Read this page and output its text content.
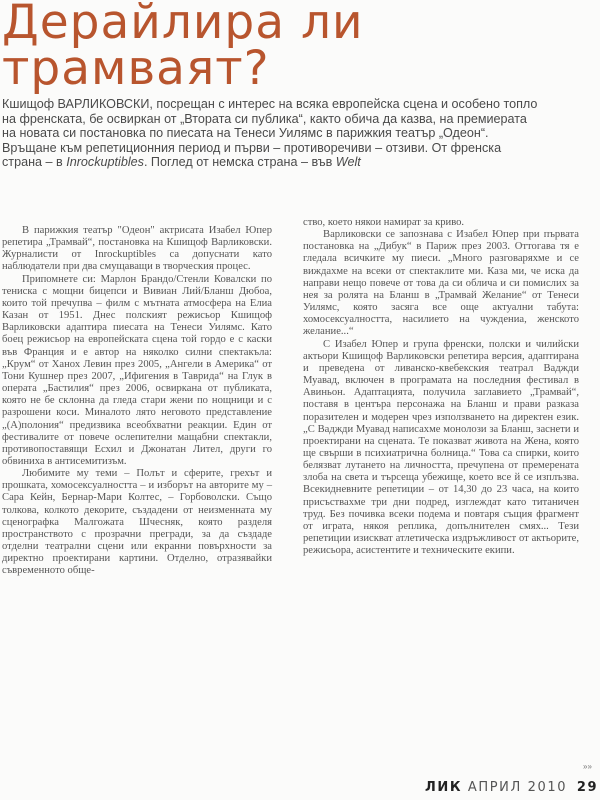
Дерайлира ли
трамваят?

Кшищоф ВАРЛИКОВСКИ, посрещан с интерес на всяка европейска сцена и особено топло на френската, бе освиркан от „Втората си публика“, както обича да казва, на премиерата на новата си постановка по пиесата на Тенеси Уилямс в парижкия театър „Одеон“. Връщане към репетиционния период и първи – противоречиви – отзиви. От френска страна – в Inrockuptibles. Поглед от немска страна – във Welt

В парижкия театър "Одеон" актрисата Изабел Юпер репетира „Трамвай“, постановка на Кшищоф Варликовски. Журналисти от Inrockuptibles са допуснати като наблюдатели при два смущаващи в творческия процес.

Припомнете си: Марлон Брандо/Стенли Ковалски по тениска с мощни бицепси и Вивиан Лий/Бланш Дюбоа, които той пречупва – филм с мътната атмосфера на Елиа Казан от 1951. Днес полският режисьор Кшищоф Варликовски адаптира пиесата на Тенеси Уилямс. Като боец режисьор на европейската сцена той гордо е с каски във Франция и е автор на няколко силни спектакъла: „Крум“ от Ханох Левин през 2005, „Ангели в Америка“ от Тони Кушнер през 2007, „Ифигения в Таврида“ на Глук в операта „Бастилия“ през 2006, освиркана от публиката, която не бе склонна да гледа стари жени по нощници и с разрошени коси. Миналото лято неговото представление „(А)полония“ предизвика всеобхватни реакции. Един от фестивалите от повече ослепителни мащабни спектакли, противопоставящи Есхил и Джонатан Лител, други го обвиниха в антисемитизъм.

Любимите му теми – Полът и сферите, грехът и прошката, хомосексуалността – и изборът на авторите му – Сара Кейн, Бернар-Мари Колтес, – Горбоволски. Също толкова, колкото декорите, създадени от неизменната му сценографка Малгожата Шчесняк, която разделя пространството с прозрачни прегради, за да създаде отделни театрални сцени или екранни повърхности за директно проектирани картини. Отделно, отразявайки съвременното обще-

ство, което някои намират за криво.

Варликовски се запознава с Изабел Юпер при първата постановка на „Дибук“ в Париж през 2003. Оттогава тя е гледала всичките му пиеси. „Много разговаряхме и се виждахме на всеки от спектаклите ми. Каза ми, че иска да направи нещо повече от това да си облича и си помислих за нея за ролята на Бланш в „Трамвай Желание“ от Тенеси Уилямс, която засяга все още актуални табута: хомосексуалността, насилието на чуждениа, женското желание...“

С Изабел Юпер и група френски, полски и чилийски актьори Кшищоф Варликовски репетира версия, адаптирана и преведена от ливанско-квебекския театрал Ваджди Муавад, включен в програмата на последния фестивал в Авиньон. Адаптацията, получила заглавието „Трамвай“, поставя в центъра персонажа на Бланш и прави разказа поразителен и модерен чрез използването на директен език. „С Ваджди Муавад написахме монолози за Бланш, заснети и проектирани на сцената. Те показват живота на Жена, която ще свърши в психиатрична болница.“ Това са спирки, които белязват лутането на личността, пречупена от премерената злоба на света и търсеща убежище, което все й се изплъзва. Всекидневните репетиции – от 14,30 до 23 часа, на които присъствахме три дни подред, изглеждат като титаничен труд. Без почивка всеки подема и повтаря същия фрагмент от играта, някоя реплика, допълнителен смях... Тези репетиции изискват атлетическа издръжливост от актьорите, режисьора, асистентите и техническите екипи.

»»
ЛИК АПРИЛ 2010 29
